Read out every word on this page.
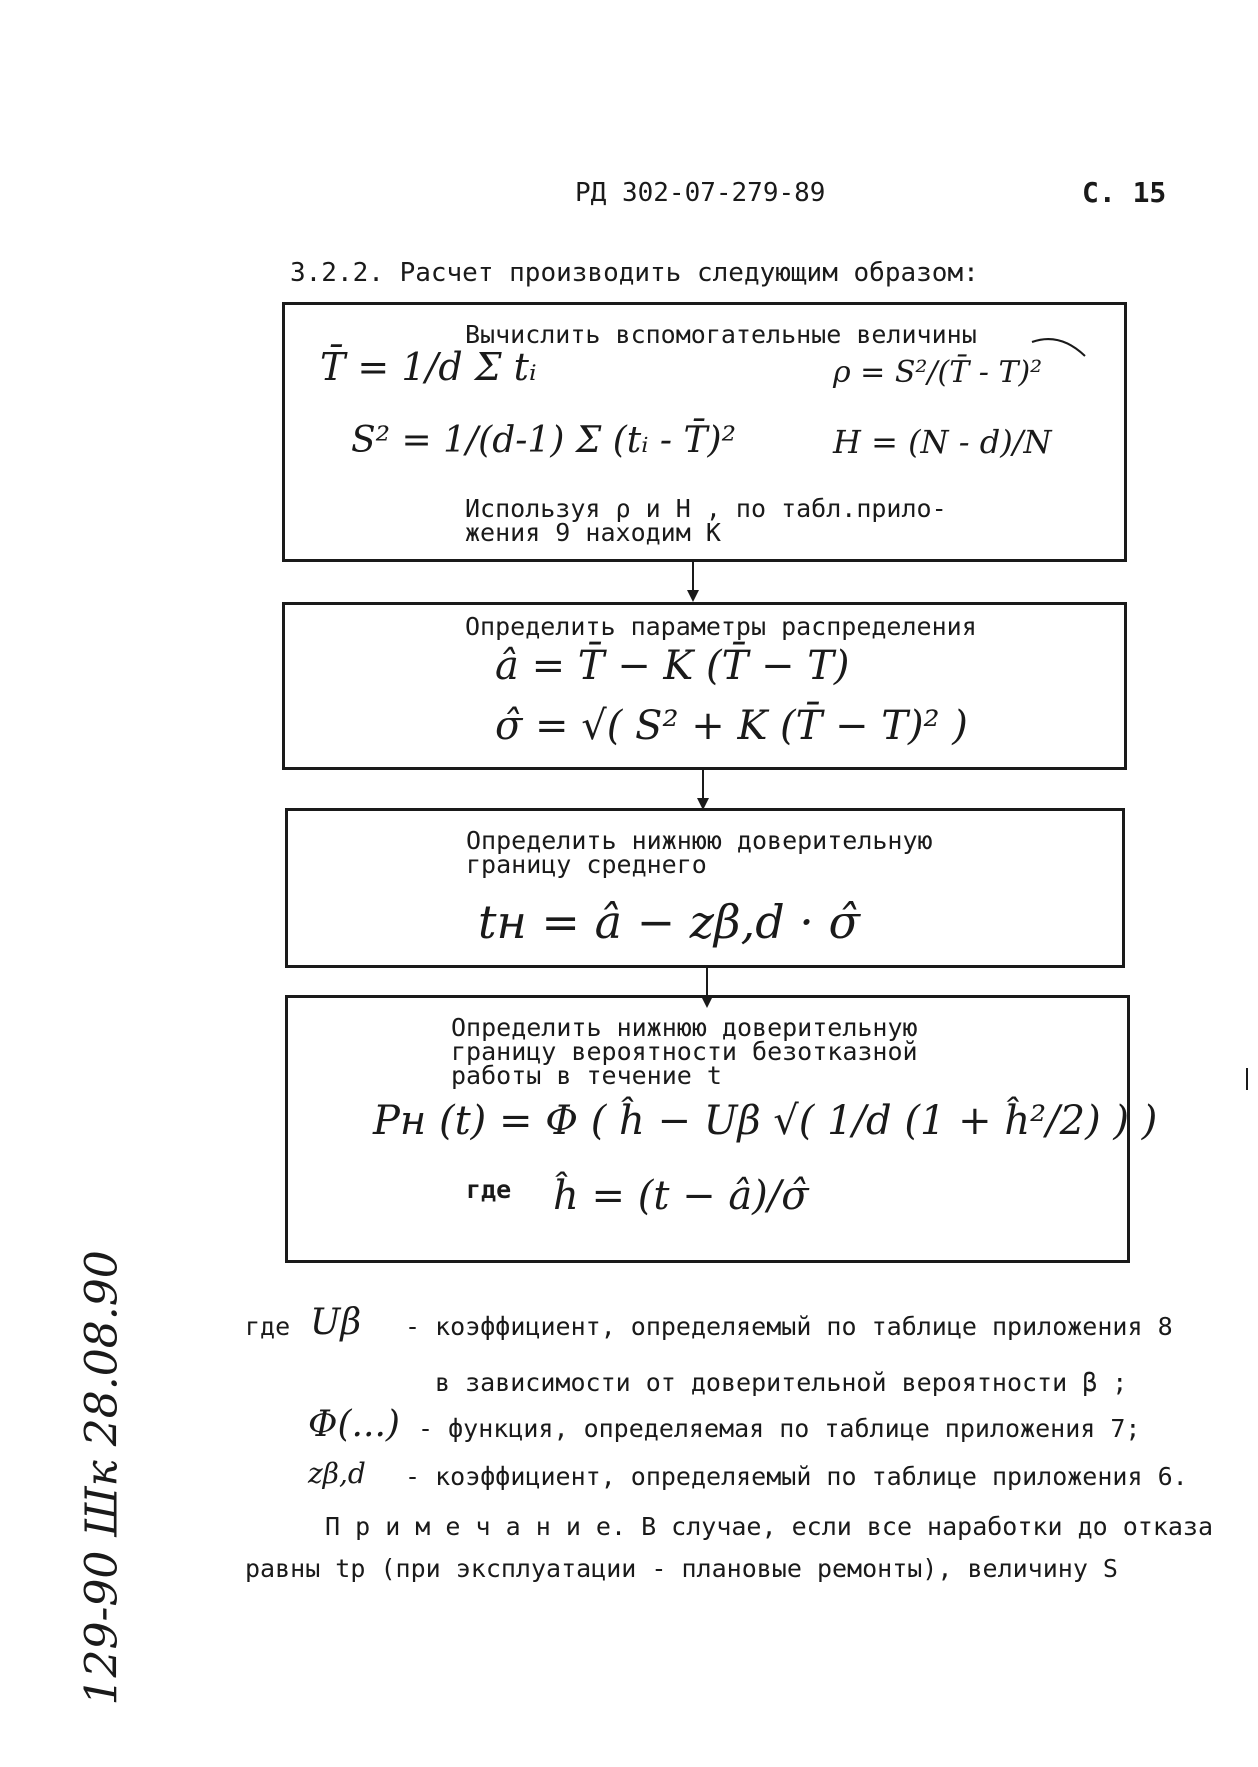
РД 302-07-279-89	С. 15
3.2.2. Расчет производить следующим образом:
Вычислить вспомогательные величины
T̄ = 1/d Σ tᵢ	ρ = S²/(T̄ - T)²
S² = 1/(d-1) Σ (tᵢ - T̄)²	H = (N - d)/N
Используя ρ и H , по табл.прило-
жения 9 находим К
Определить параметры распределения
â = T̄ − K (T̄ − T)
σ̂ = √( S² + K (T̄ − T)² )
Определить нижнюю доверительную
границу среднего
tн = â − zβ,d · σ̂
Определить нижнюю доверительную
границу вероятности безотказной
работы в течение t
Pн (t) = Φ ( ĥ − Uβ √( 1/d (1 + ĥ²/2) ) )
где ĥ = (t − â)/σ̂
где Uβ - коэффициент, определяемый по таблице приложения 8
в зависимости от доверительной вероятности β ;
Φ(...) - функция, определяемая по таблице приложения 7;
zβ,d - коэффициент, определяемый по таблице приложения 6.
П р и м е ч а н и е. В случае, если все наработки до отказа
равны tр (при эксплуатации - плановые ремонты), величину S
129-90 Шк 28.08.90
